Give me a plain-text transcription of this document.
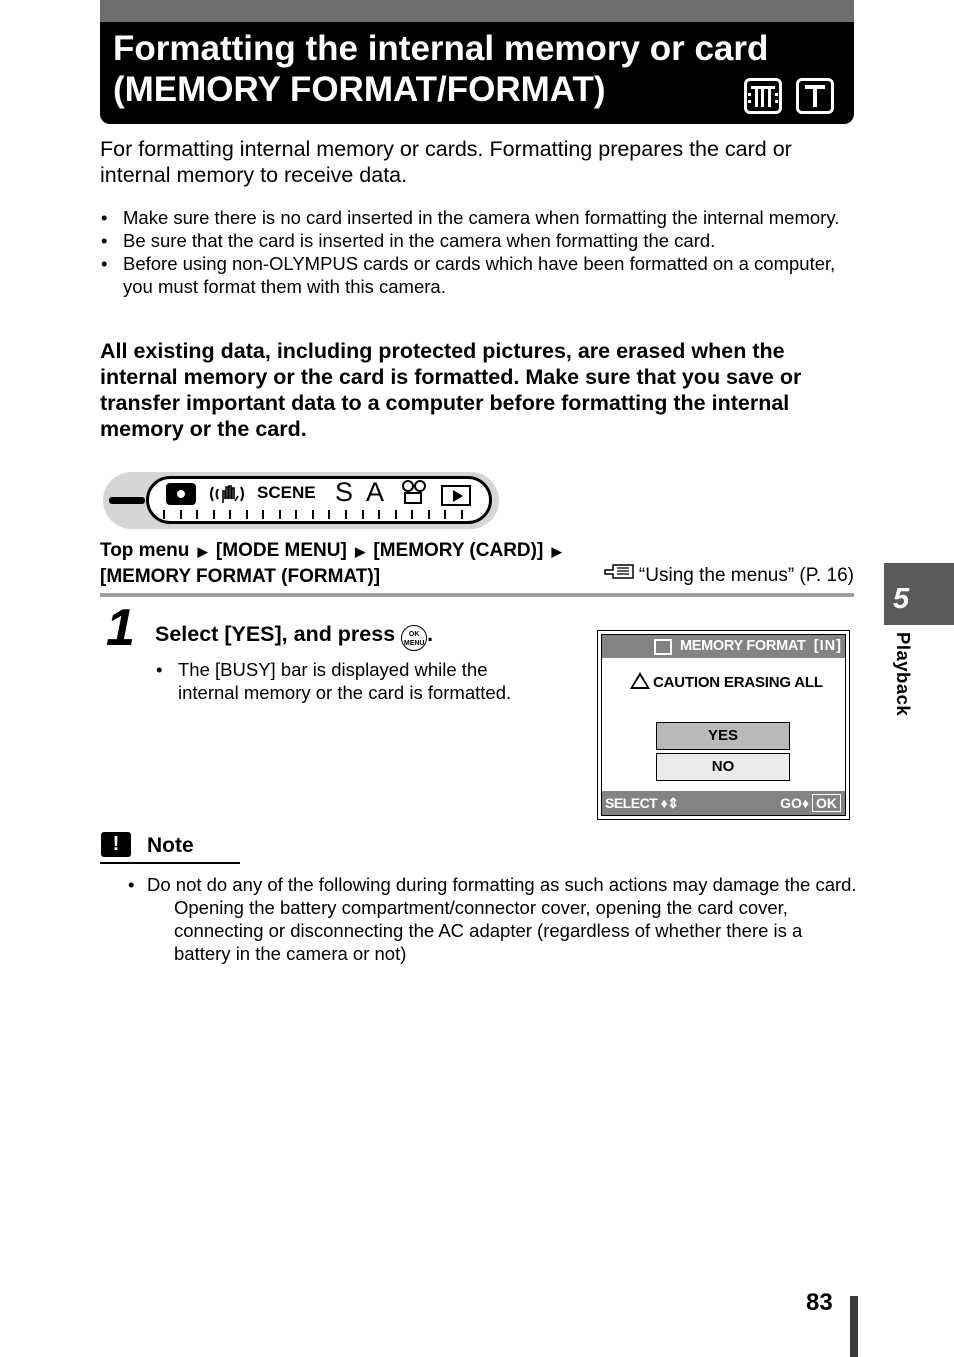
Formatting the internal memory or card
(MEMORY FORMAT/FORMAT)
For formatting internal memory or cards. Formatting prepares the card or internal memory to receive data.
• Make sure there is no card inserted in the camera when formatting the internal memory.
• Be sure that the card is inserted in the camera when formatting the card.
• Before using non-OLYMPUS cards or cards which have been formatted on a computer, you must format them with this camera.
All existing data, including protected pictures, are erased when the internal memory or the card is formatted. Make sure that you save or transfer important data to a computer before formatting the internal memory or the card.
SCENE S A
Top menu ▶ [MODE MENU] ▶ [MEMORY (CARD)] ▶
[MEMORY FORMAT (FORMAT)]	“Using the menus” (P. 16)
1 Select [YES], and press OK MENU .
• The [BUSY] bar is displayed while the internal memory or the card is formatted.
MEMORY FORMAT [IN]
CAUTION ERASING ALL
YES
NO
SELECT ♦⇕	GO♦ OK
!	Note
• Do not do any of the following during formatting as such actions may damage the card.
Opening the battery compartment/connector cover, opening the card cover, connecting or disconnecting the AC adapter (regardless of whether there is a battery in the camera or not)
5
Playback
83
